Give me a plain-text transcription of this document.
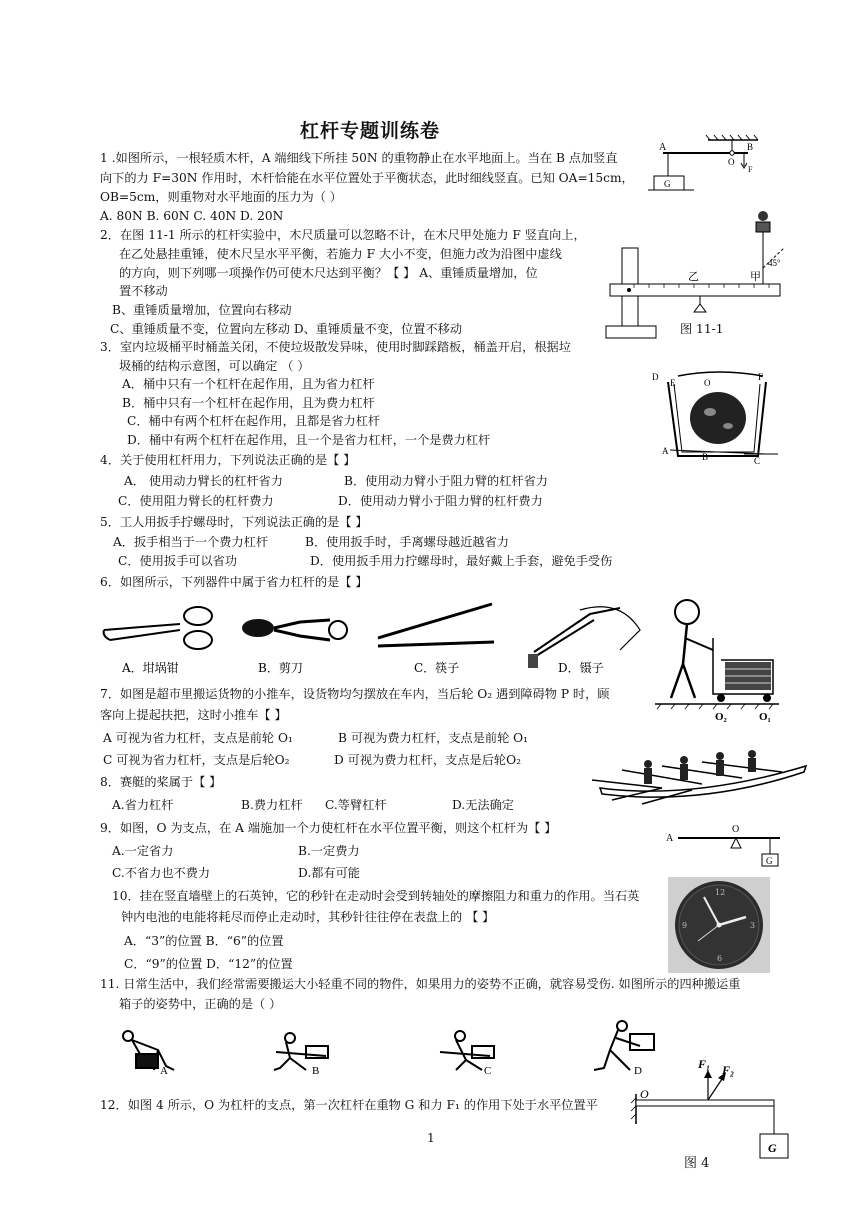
杠杆专题训练卷
1 .如图所示，一根轻质木杆，A 端细线下所挂 50N 的重物静止在水平地面上。当在 B 点加竖直
向下的力 F=30N 作用时，木杆恰能在水平位置处于平衡状态，此时细线竖直。已知 OA=15cm，
OB=5cm，则重物对水平地面的压力为（ ）
A. 80N B. 60N C. 40N D. 20N
A
O
B
F
G
2．在图 11-1 所示的杠杆实验中，木尺质量可以忽略不计，在木尺甲处施力 F 竖直向上，
在乙处悬挂重锤，使木尺呈水平平衡，若施力 F 大小不变，但施力改为沿图中虚线
的方向，则下列哪一项操作仍可使木尺达到平衡？【 】 A、重锤质量增加，位
置不移动
B、重锤质量增加，位置向右移动
C、重锤质量不变，位置向左移动 D、重锤质量不变，位置不移动
乙	甲
45°
图 11-1
3．室内垃圾桶平时桶盖关闭，不使垃圾散发异味，使用时脚踩踏板，桶盖开启，根据垃
圾桶的结构示意图，可以确定 （ ）
A．桶中只有一个杠杆在起作用，且为省力杠杆
B．桶中只有一个杠杆在起作用，且为费力杠杆
C．桶中有两个杠杆在起作用，且都是省力杠杆
D．桶中有两个杠杆在起作用，且一个是省力杠杆，一个是费力杠杆
D
E	O
F
A
B	C
4．关于使用杠杆用力，下列说法正确的是【 】
A． 使用动力臂长的杠杆省力	B．使用动力臂小于阻力臂的杠杆省力
C．使用阻力臂长的杠杆费力	D．使用动力臂小于阻力臂的杠杆费力
5．工人用扳手拧螺母时，下列说法正确的是【 】
A．扳手相当于一个费力杠杆	B．使用扳手时，手离螺母越近越省力
C．使用扳手可以省功	D．使用扳手用力拧螺母时，最好戴上手套，避免手受伤
6．如图所示，下列器件中属于省力杠杆的是【 】
A．坩埚钳	B．剪刀	C．筷子	D．镊子
O₂	O₁
7．如图是超市里搬运货物的小推车，设货物均匀摆放在车内，当后轮 O₂ 遇到障碍物 P 时，顾
客向上提起扶把，这时小推车【 】
A 可视为省力杠杆，支点是前轮 O₁	B 可视为费力杠杆，支点是前轮 O₁
C 可视为省力杠杆，支点是后轮O₂	D 可视为费力杠杆，支点是后轮O₂
8．赛艇的桨属于【 】
A.省力杠杆	B.费力杠杆 C.等臂杠杆	D.无法确定
9．如图，O 为支点，在 A 端施加一个力使杠杆在水平位置平衡，则这个杠杆为【 】
A.一定省力	B.一定费力
C.不省力也不费力	D.都有可能
A
O
G
10．挂在竖直墙壁上的石英钟，它的秒针在走动时会受到转轴处的摩擦阻力和重力的作用。当石英
钟内电池的电能将耗尽而停止走动时，其秒针往往停在表盘上的 【 】
A．“3”的位置 B．“6”的位置
C．“9”的位置 D．“12”的位置
12
3
6
9
11. 日常生活中，我们经常需要搬运大小轻重不同的物件，如果用力的姿势不正确，就容易受伤. 如图所示的四种搬运重
箱子的姿势中，正确的是（ ）
A	B	C	D
12．如图 4 所示，O 为杠杆的支点，第一次杠杆在重物 G 和力 F₁ 的作用下处于水平位置平
O
F₁ F₂
G
1
图 4
